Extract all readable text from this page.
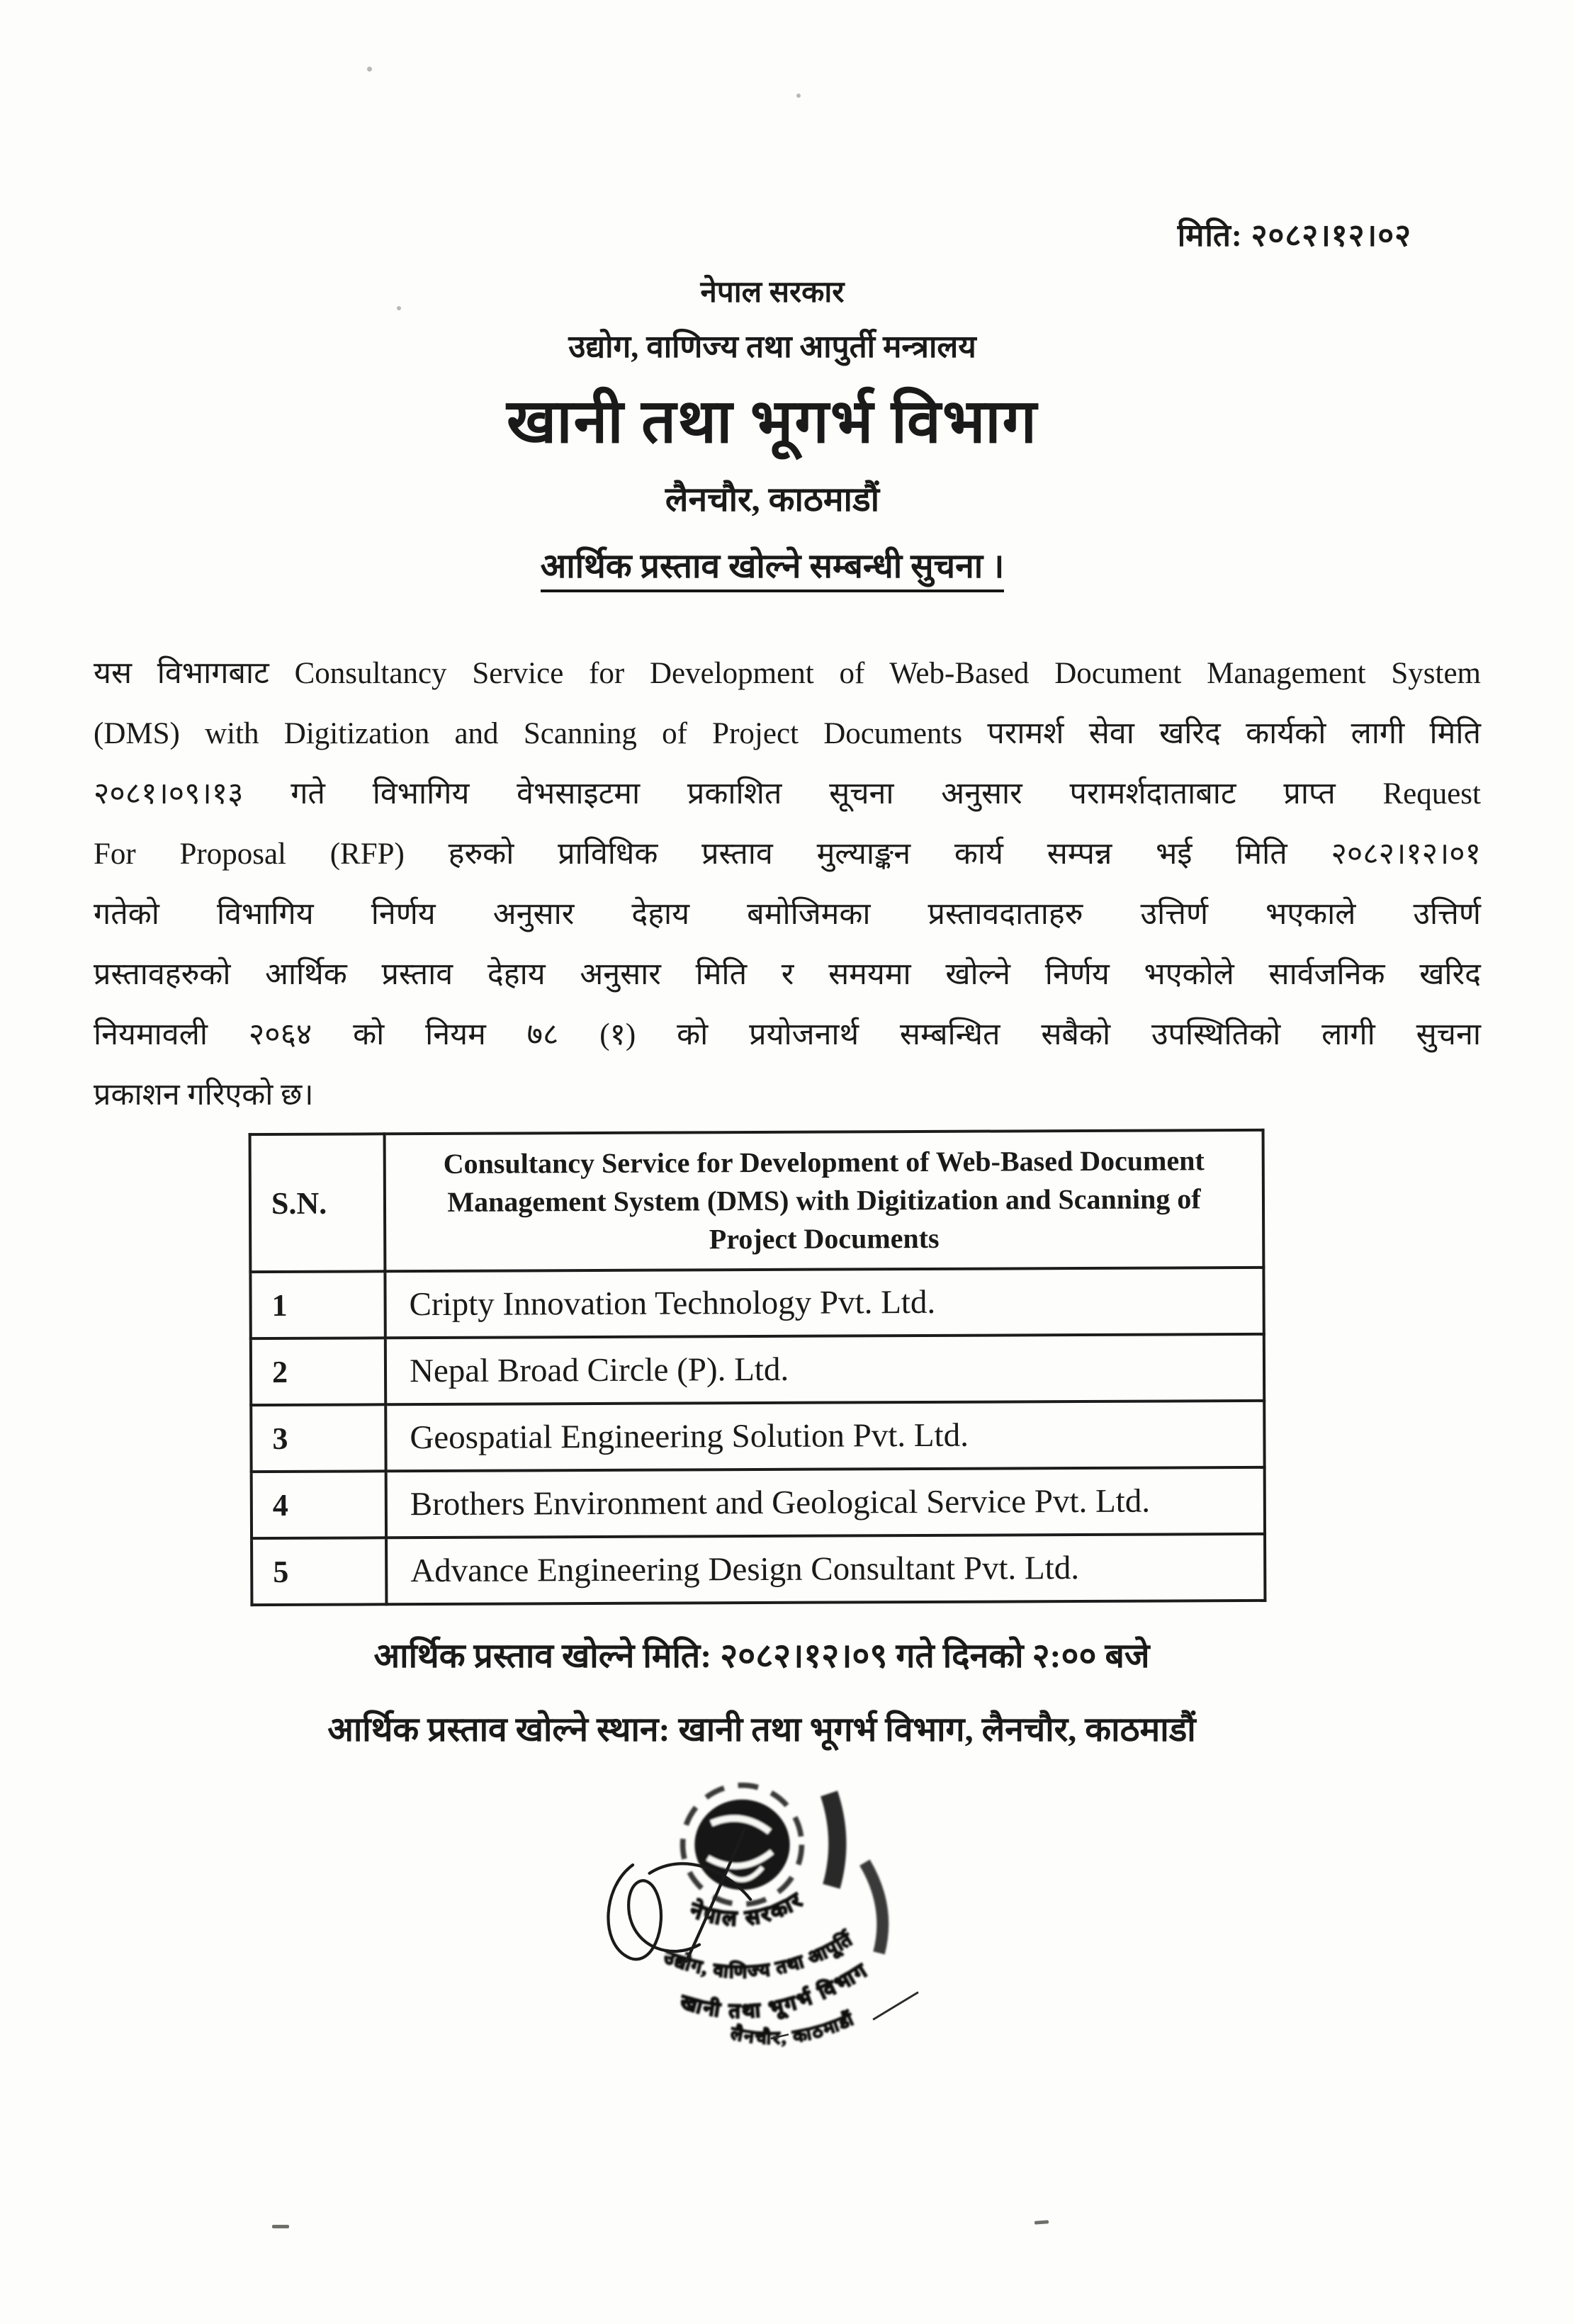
मिति: २०८२।१२।०२
नेपाल सरकार
उद्योग, वाणिज्य तथा आपुर्ती मन्त्रालय
खानी तथा भूगर्भ विभाग
लैनचौर, काठमाडौं
आर्थिक प्रस्ताव खोल्ने सम्बन्धी सुचना ।
यस विभागबाट Consultancy Service for Development of Web-Based Document Management System
(DMS) with Digitization and Scanning of Project Documents परामर्श सेवा खरिद कार्यको लागी मिति
२०८१।०९।१३ गते विभागिय वेभसाइटमा प्रकाशित सूचना अनुसार परामर्शदाताबाट प्राप्त Request
For Proposal (RFP) हरुको प्राविधिक प्रस्ताव मुल्याङ्कन कार्य सम्पन्न भई मिति २०८२।१२।०१
गतेको विभागिय निर्णय अनुसार देहाय बमोजिमका प्रस्तावदाताहरु उत्तिर्ण भएकाले उत्तिर्ण
प्रस्तावहरुको आर्थिक प्रस्ताव देहाय अनुसार मिति र समयमा खोल्ने निर्णय भएकोले सार्वजनिक खरिद
नियमावली २०६४ को नियम ७८ (१) को प्रयोजनार्थ सम्बन्धित सबैको उपस्थितिको लागी सुचना
प्रकाशन गरिएको छ।
S.N.	Consultancy Service for Development of Web-Based Document Management System (DMS) with Digitization and Scanning of Project Documents
1	Cripty Innovation Technology Pvt. Ltd.
2	Nepal Broad Circle (P). Ltd.
3	Geospatial Engineering Solution Pvt. Ltd.
4	Brothers Environment and Geological Service Pvt. Ltd.
5	Advance Engineering Design Consultant Pvt. Ltd.
आर्थिक प्रस्ताव खोल्ने मिति: २०८२।१२।०९ गते दिनको २:०० बजे
आर्थिक प्रस्ताव खोल्ने स्थान: खानी तथा भूगर्भ विभाग, लैनचौर, काठमाडौं
नेपाल सरकार
उद्योग, वाणिज्य तथा आपूर्ति मन्त्रालय
खानी तथा भूगर्भ विभाग
लैनचौर, काठमाडौं
